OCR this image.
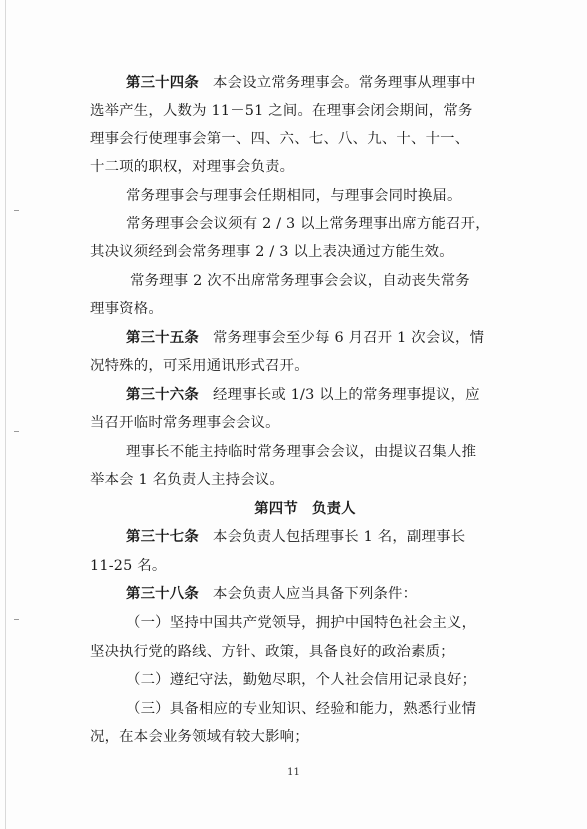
第三十四条 本会设立常务理事会。常务理事从理事中
选举产生，人数为 11－51 之间。在理事会闭会期间，常务
理事会行使理事会第一、四、六、七、八、九、十、十一、
十二项的职权，对理事会负责。
常务理事会与理事会任期相同，与理事会同时换届。
常务理事会会议须有 2 / 3 以上常务理事出席方能召开，
其决议须经到会常务理事 2 / 3 以上表决通过方能生效。
常务理事 2 次不出席常务理事会会议，自动丧失常务
理事资格。
第三十五条 常务理事会至少每 6 月召开 1 次会议，情
况特殊的，可采用通讯形式召开。
第三十六条 经理事长或 1/3 以上的常务理事提议，应
当召开临时常务理事会会议。
理事长不能主持临时常务理事会会议，由提议召集人推
举本会 1 名负责人主持会议。
第四节 负责人
第三十七条 本会负责人包括理事长 1 名，副理事长
11-25 名。
第三十八条 本会负责人应当具备下列条件：
（一）坚持中国共产党领导，拥护中国特色社会主义，
坚决执行党的路线、方针、政策，具备良好的政治素质；
（二）遵纪守法，勤勉尽职，个人社会信用记录良好；
（三）具备相应的专业知识、经验和能力，熟悉行业情
况，在本会业务领域有较大影响；
11
